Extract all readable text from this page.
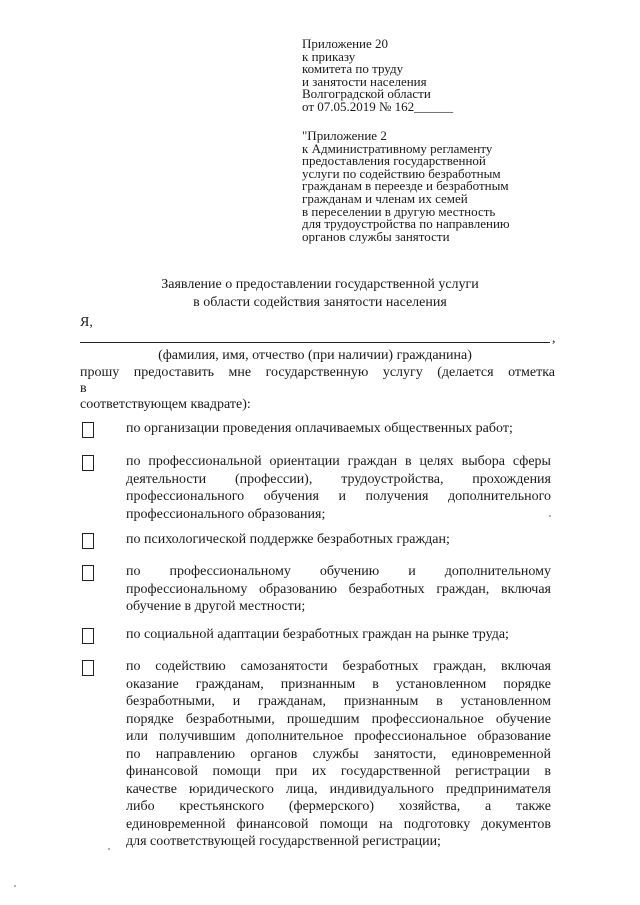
Приложение 20
к приказу
комитета по труду
и занятости населения
Волгоградской области
от 07.05.2019 № 162______
"Приложение 2
к Административному регламенту
предоставления государственной
услуги по содействию безработным
гражданам в переезде и безработным
гражданам и членам их семей
в переселении в другую местность
для трудоустройства по направлению
органов службы занятости
Заявление о предоставлении государственной услуги
в области содействия занятости населения
Я,
,
(фамилия, имя, отчество (при наличии) гражданина)
прошу предоставить мне государственную услугу (делается отметка
в
соответствующем квадрате):
по организации проведения оплачиваемых общественных работ;
по профессиональной ориентации граждан в целях выбора сферы
деятельности (профессии), трудоустройства, прохождения
профессионального обучения и получения дополнительного
профессионального образования;
по психологической поддержке безработных граждан;
по профессиональному обучению и дополнительному
профессиональному образованию безработных граждан, включая
обучение в другой местности;
по социальной адаптации безработных граждан на рынке труда;
по содействию самозанятости безработных граждан, включая
оказание гражданам, признанным в установленном порядке
безработными, и гражданам, признанным в установленном
порядке безработными, прошедшим профессиональное обучение
или получившим дополнительное профессиональное образование
по направлению органов службы занятости, единовременной
финансовой помощи при их государственной регистрации в
качестве юридического лица, индивидуального предпринимателя
либо крестьянского (фермерского) хозяйства, а также
единовременной финансовой помощи на подготовку документов
для соответствующей государственной регистрации;
